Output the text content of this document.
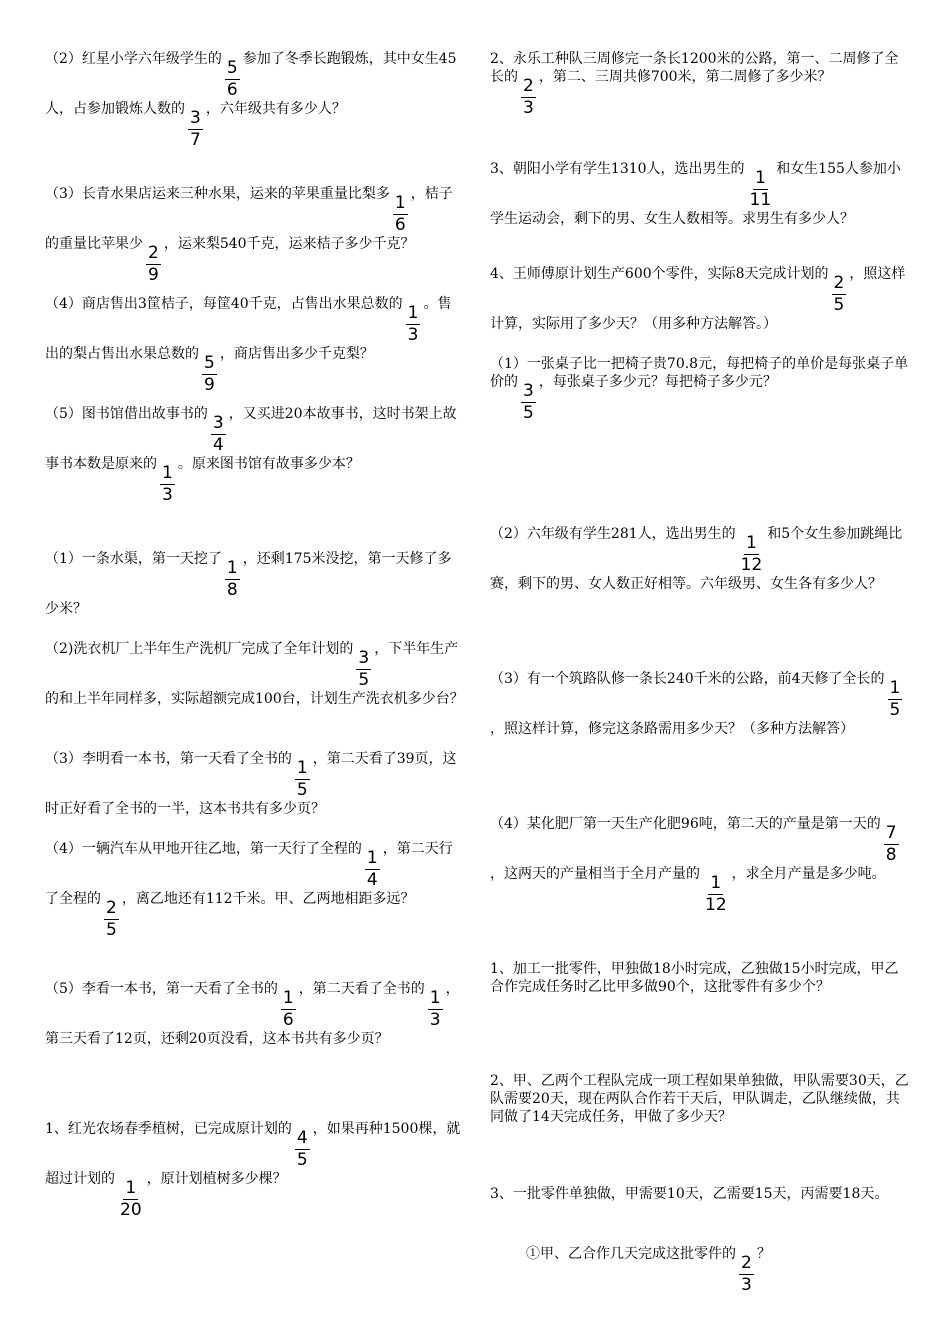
（2）红星小学六年级学生的 $\frac{5}{6}$ 参加了冬季长跑锻炼，其中女生45人，占参加锻炼人数的 $\frac{3}{7}$ ，六年级共有多少人？
（3）长青水果店运来三种水果，运来的苹果重量比梨多 $\frac{1}{6}$ ，桔子的重量比苹果少 $\frac{2}{9}$ ，运来梨540千克，运来桔子多少千克？
（4）商店售出3筐桔子，每筐40千克，占售出水果总数的 $\frac{1}{3}$ 。售出的梨占售出水果总数的 $\frac{5}{9}$ ，商店售出多少千克梨？
（5）图书馆借出故事书的 $\frac{3}{4}$ ，又买进20本故事书，这时书架上故事书本数是原来的 $\frac{1}{3}$ 。原来图书馆有故事多少本？
（1）一条水渠，第一天挖了 $\frac{1}{8}$ ，还剩175米没挖，第一天修了多少米？
（2)洗衣机厂上半年生产洗机厂完成了全年计划的 $\frac{3}{5}$ ，下半年生产的和上半年同样多，实际超额完成100台，计划生产洗衣机多少台？
（3）李明看一本书，第一天看了全书的 $\frac{1}{5}$ ，第二天看了39页，这时正好看了全书的一半，这本书共有多少页？
（4）一辆汽车从甲地开往乙地，第一天行了全程的 $\frac{1}{4}$ ，第二天行了全程的 $\frac{2}{5}$ ，离乙地还有112千米。甲、乙两地相距多远？
（5）李看一本书，第一天看了全书的 $\frac{1}{6}$ ，第二天看了全书的 $\frac{1}{3}$ ，第三天看了12页，还剩20页没看，这本书共有多少页？
1、红光农场春季植树，已完成原计划的 $\frac{4}{5}$ ，如果再种1500棵，就超过计划的 $\frac{1}{20}$ ，原计划植树多少棵？
2、永乐工种队三周修完一条长1200米的公路，第一、二周修了全长的 $\frac{2}{3}$ ，第二、三周共修700米，第二周修了多少米？
3、朝阳小学有学生1310人，选出男生的 $\frac{1}{11}$ 和女生155人参加小学生运动会，剩下的男、女生人数相等。求男生有多少人？
4、王师傅原计划生产600个零件，实际8天完成计划的 $\frac{2}{5}$ ，照这样计算，实际用了多少天？（用多种方法解答。）
（1）一张桌子比一把椅子贵70.8元，每把椅子的单价是每张桌子单价的 $\frac{3}{5}$ ，每张桌子多少元？每把椅子多少元？
（2）六年级有学生281人，选出男生的 $\frac{1}{12}$ 和5个女生参加跳绳比赛，剩下的男、女人数正好相等。六年级男、女生各有多少人？
（3）有一个筑路队修一条长240千米的公路，前4天修了全长的 $\frac{1}{5}$
，照这样计算，修完这条路需用多少天？（多种方法解答）
（4）某化肥厂第一天生产化肥96吨，第二天的产量是第一天的 $\frac{7}{8}$
，这两天的产量相当于全月产量的 $\frac{1}{12}$ ，求全月产量是多少吨。
1、加工一批零件，甲独做18小时完成，乙独做15小时完成，甲乙合作完成任务时乙比甲多做90个，这批零件有多少个？
2、甲、乙两个工程队完成一项工程如果单独做，甲队需要30天，乙队需要20天，现在两队合作若干天后，甲队调走，乙队继续做，共同做了14天完成任务，甲做了多少天？
3、一批零件单独做，甲需要10天，乙需要15天，丙需要18天。
①甲、乙合作几天完成这批零件的 $\frac{2}{3}$ ？
